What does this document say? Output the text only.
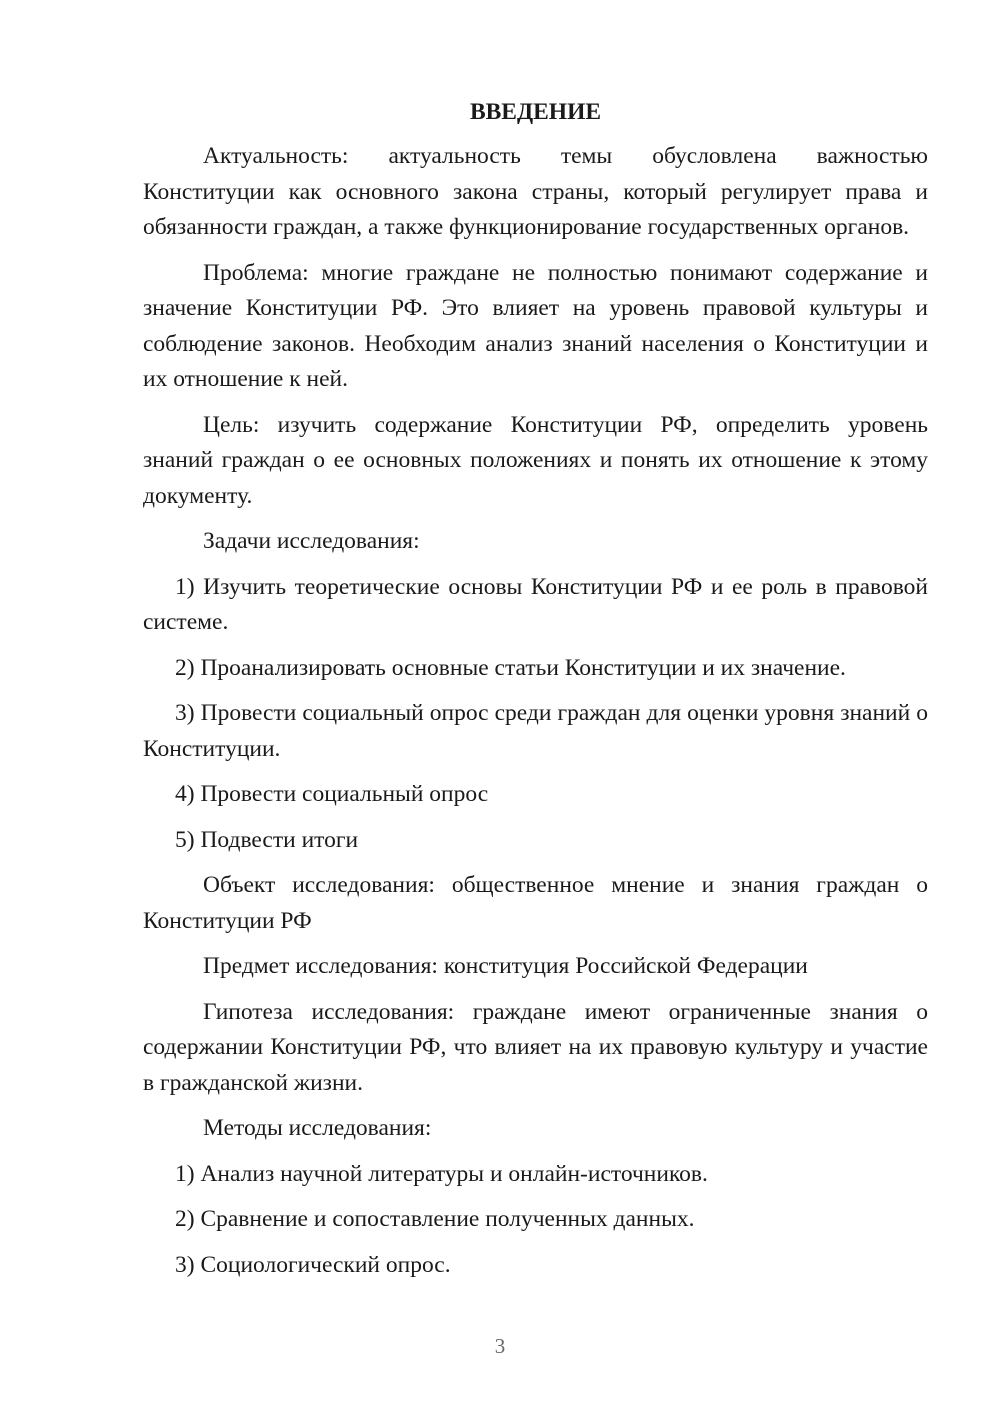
ВВЕДЕНИЕ

Актуальность: актуальность темы обусловлена важностью Конституции как основного закона страны, который регулирует права и обязанности граждан, а также функционирование государственных органов.

Проблема: многие граждане не полностью понимают содержание и значение Конституции РФ. Это влияет на уровень правовой культуры и соблюдение законов. Необходим анализ знаний населения о Конституции и их отношение к ней.

Цель: изучить содержание Конституции РФ, определить уровень знаний граждан о ее основных положениях и понять их отношение к этому документу.

Задачи исследования:

1) Изучить теоретические основы Конституции РФ и ее роль в правовой системе.

2) Проанализировать основные статьи Конституции и их значение.

3) Провести социальный опрос среди граждан для оценки уровня знаний о Конституции.

4) Провести социальный опрос

5) Подвести итоги

Объект исследования: общественное мнение и знания граждан о Конституции РФ

Предмет исследования: конституция Российской Федерации

Гипотеза исследования: граждане имеют ограниченные знания о содержании Конституции РФ, что влияет на их правовую культуру и участие в гражданской жизни.

Методы исследования:

1) Анализ научной литературы и онлайн-источников.

2) Сравнение и сопоставление полученных данных.

3) Социологический опрос.

3
